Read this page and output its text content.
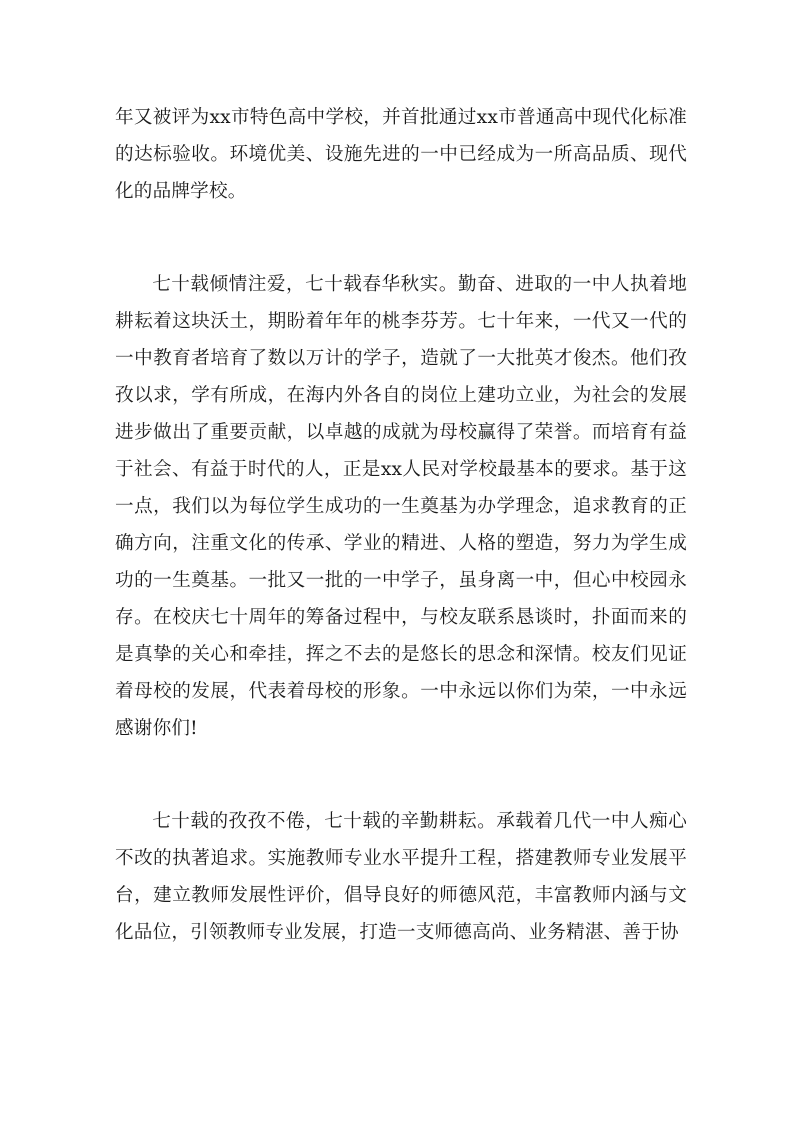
年又被评为xx市特色高中学校，并首批通过xx市普通高中现代化标准的达标验收。环境优美、设施先进的一中已经成为一所高品质、现代化的品牌学校。

七十载倾情注爱，七十载春华秋实。勤奋、进取的一中人执着地耕耘着这块沃土，期盼着年年的桃李芬芳。七十年来，一代又一代的一中教育者培育了数以万计的学子，造就了一大批英才俊杰。他们孜孜以求，学有所成，在海内外各自的岗位上建功立业，为社会的发展进步做出了重要贡献，以卓越的成就为母校赢得了荣誉。而培育有益于社会、有益于时代的人，正是xx人民对学校最基本的要求。基于这一点，我们以为每位学生成功的一生奠基为办学理念，追求教育的正确方向，注重文化的传承、学业的精进、人格的塑造，努力为学生成功的一生奠基。一批又一批的一中学子，虽身离一中，但心中校园永存。在校庆七十周年的筹备过程中，与校友联系恳谈时，扑面而来的是真挚的关心和牵挂，挥之不去的是悠长的思念和深情。校友们见证着母校的发展，代表着母校的形象。一中永远以你们为荣，一中永远感谢你们!

七十载的孜孜不倦，七十载的辛勤耕耘。承载着几代一中人痴心不改的执著追求。实施教师专业水平提升工程，搭建教师专业发展平台，建立教师发展性评价，倡导良好的师德风范，丰富教师内涵与文化品位，引领教师专业发展，打造一支师德高尚、业务精湛、善于协
